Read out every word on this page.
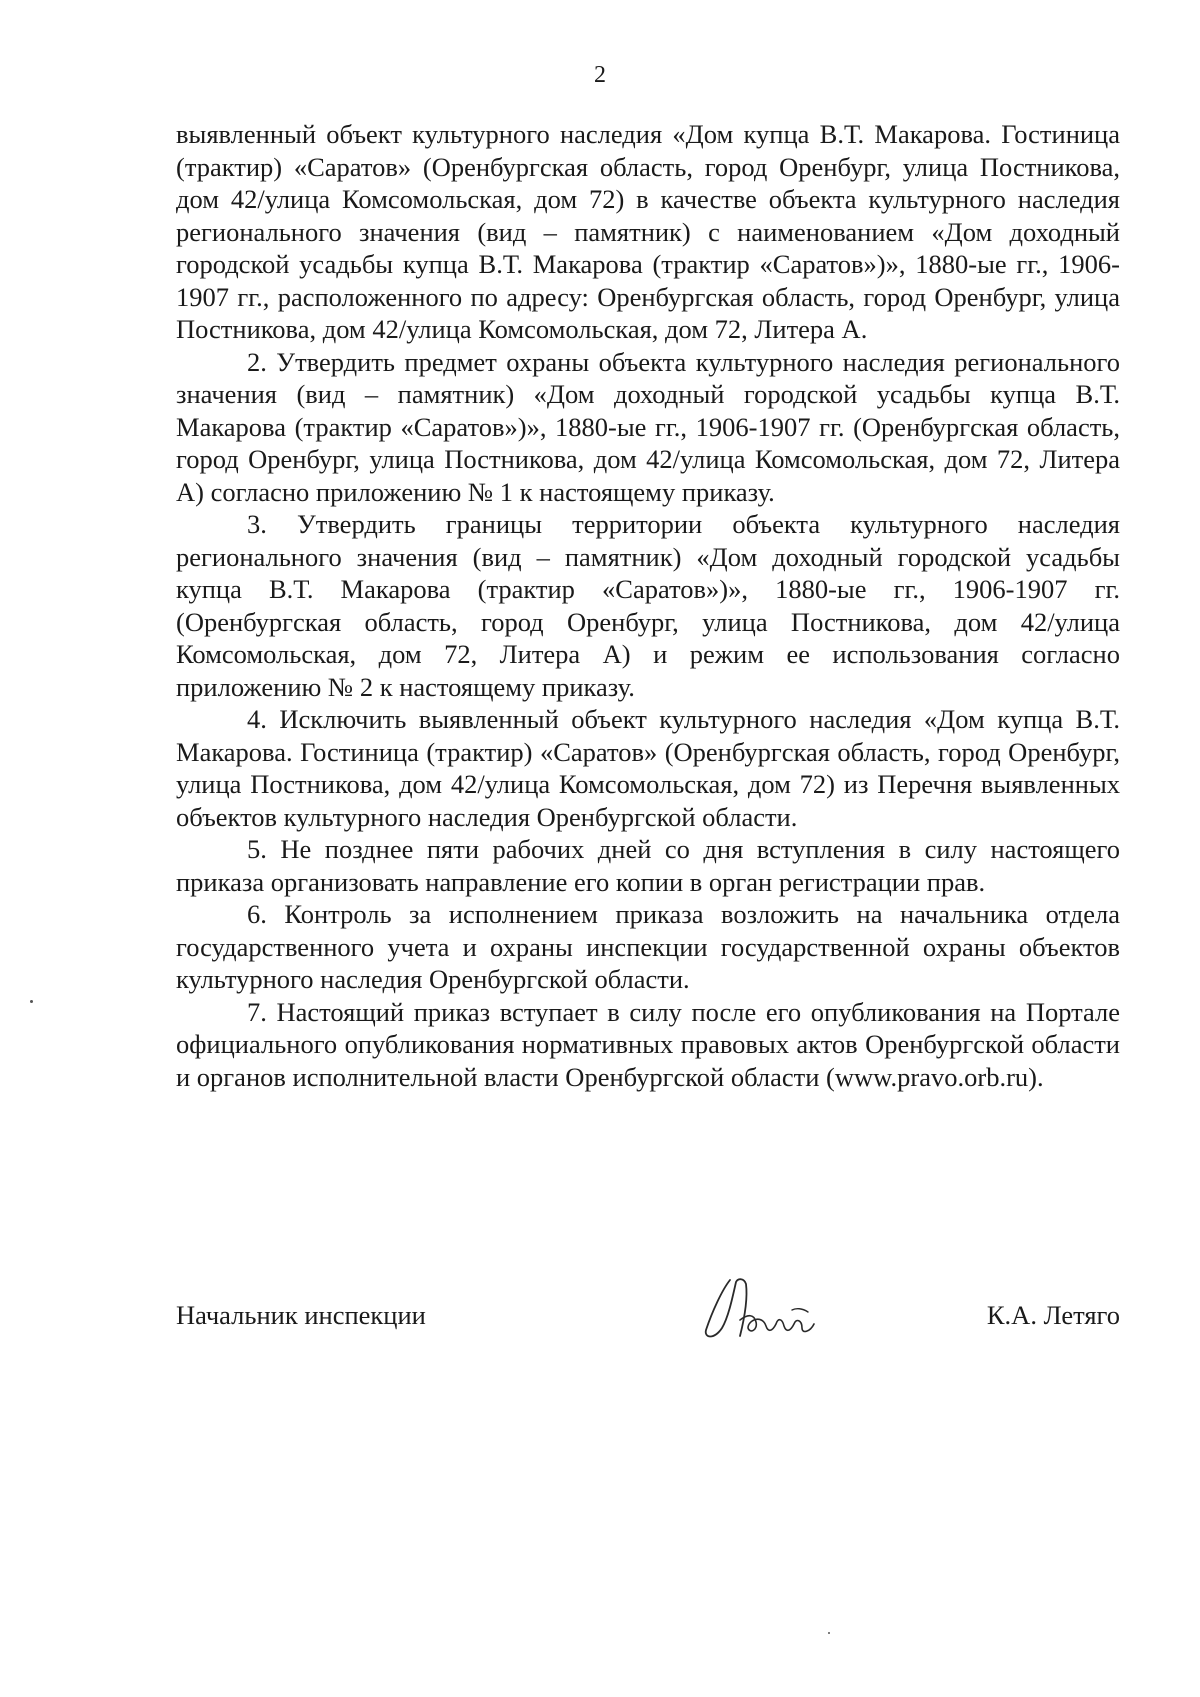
2

выявленный объект культурного наследия «Дом купца В.Т. Макарова. Гостиница (трактир) «Саратов» (Оренбургская область, город Оренбург, улица Постникова, дом 42/улица Комсомольская, дом 72) в качестве объекта культурного наследия регионального значения (вид – памятник) с наименованием «Дом доходный городской усадьбы купца В.Т. Макарова (трактир «Саратов»)», 1880-ые гг., 1906-1907 гг., расположенного по адресу: Оренбургская область, город Оренбург, улица Постникова, дом 42/улица Комсомольская, дом 72, Литера А.

2. Утвердить предмет охраны объекта культурного наследия регионального значения (вид – памятник) «Дом доходный городской усадьбы купца В.Т. Макарова (трактир «Саратов»)», 1880-ые гг., 1906-1907 гг. (Оренбургская область, город Оренбург, улица Постникова, дом 42/улица Комсомольская, дом 72, Литера А) согласно приложению № 1 к настоящему приказу.

3. Утвердить границы территории объекта культурного наследия регионального значения (вид – памятник) «Дом доходный городской усадьбы купца В.Т. Макарова (трактир «Саратов»)», 1880-ые гг., 1906-1907 гг. (Оренбургская область, город Оренбург, улица Постникова, дом 42/улица Комсомольская, дом 72, Литера А) и режим ее использования согласно приложению № 2 к настоящему приказу.

4. Исключить выявленный объект культурного наследия «Дом купца В.Т. Макарова. Гостиница (трактир) «Саратов» (Оренбургская область, город Оренбург, улица Постникова, дом 42/улица Комсомольская, дом 72) из Перечня выявленных объектов культурного наследия Оренбургской области.

5. Не позднее пяти рабочих дней со дня вступления в силу настоящего приказа организовать направление его копии в орган регистрации прав.

6. Контроль за исполнением приказа возложить на начальника отдела государственного учета и охраны инспекции государственной охраны объектов культурного наследия Оренбургской области.

7. Настоящий приказ вступает в силу после его опубликования на Портале официального опубликования нормативных правовых актов Оренбургской области и органов исполнительной власти Оренбургской области (www.pravo.orb.ru).

Начальник инспекции	К.А. Летяго
